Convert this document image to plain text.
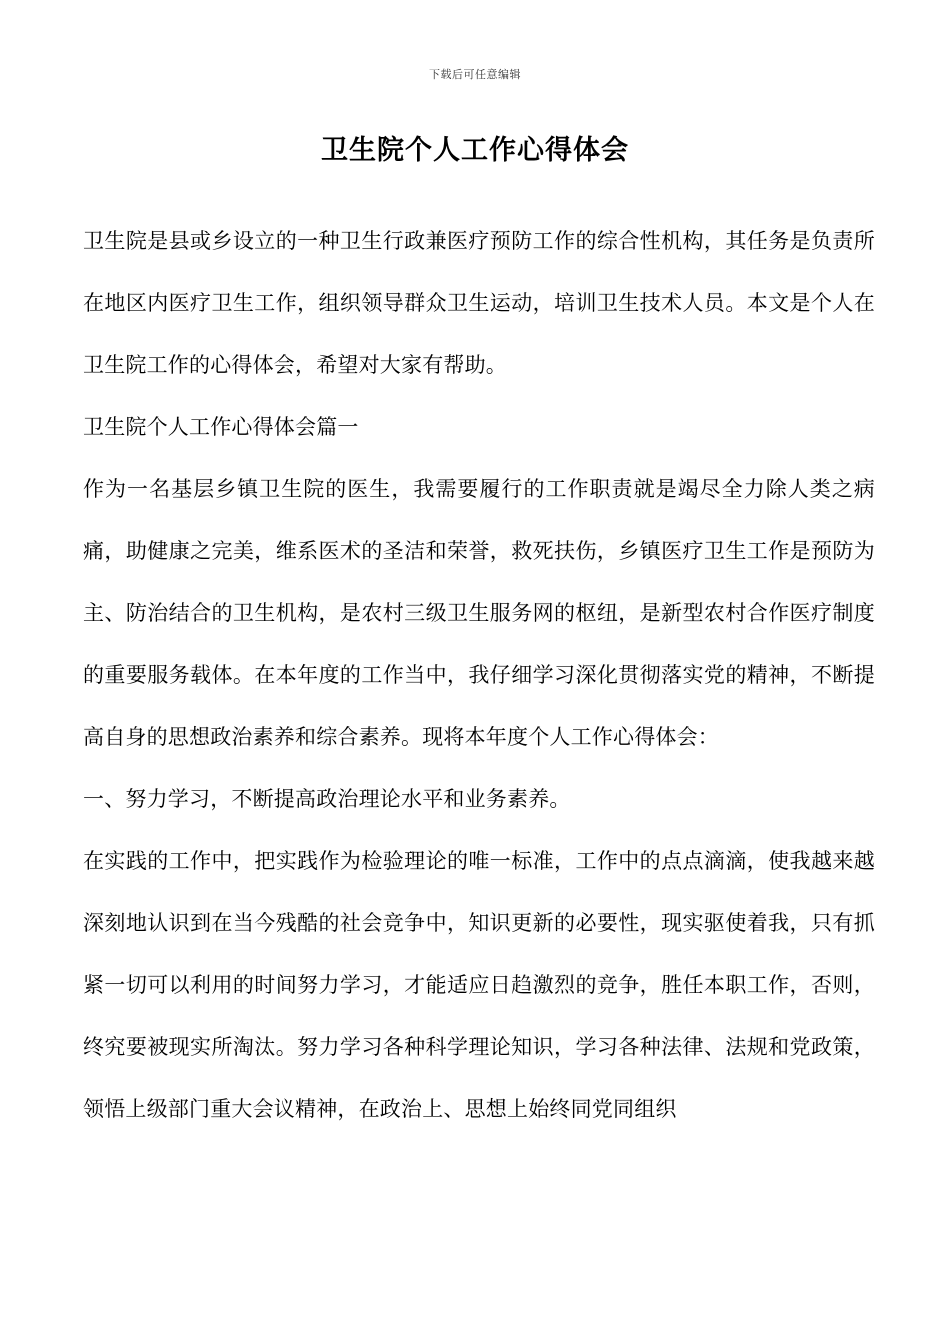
下载后可任意编辑
卫生院个人工作心得体会

卫生院是县或乡设立的一种卫生行政兼医疗预防工作的综合性机构，其任务是负责所在地区内医疗卫生工作，组织领导群众卫生运动，培训卫生技术人员。本文是个人在卫生院工作的心得体会，希望对大家有帮助。

卫生院个人工作心得体会篇一

作为一名基层乡镇卫生院的医生，我需要履行的工作职责就是竭尽全力除人类之病痛，助健康之完美，维系医术的圣洁和荣誉，救死扶伤，乡镇医疗卫生工作是预防为主、防治结合的卫生机构，是农村三级卫生服务网的枢纽，是新型农村合作医疗制度的重要服务载体。在本年度的工作当中，我仔细学习深化贯彻落实党的精神，不断提高自身的思想政治素养和综合素养。现将本年度个人工作心得体会：

一、努力学习，不断提高政治理论水平和业务素养。

在实践的工作中，把实践作为检验理论的唯一标准，工作中的点点滴滴，使我越来越深刻地认识到在当今残酷的社会竞争中，知识更新的必要性，现实驱使着我，只有抓紧一切可以利用的时间努力学习，才能适应日趋激烈的竞争，胜任本职工作，否则，终究要被现实所淘汰。努力学习各种科学理论知识，学习各种法律、法规和党政策，领悟上级部门重大会议精神，在政治上、思想上始终同党同组织
